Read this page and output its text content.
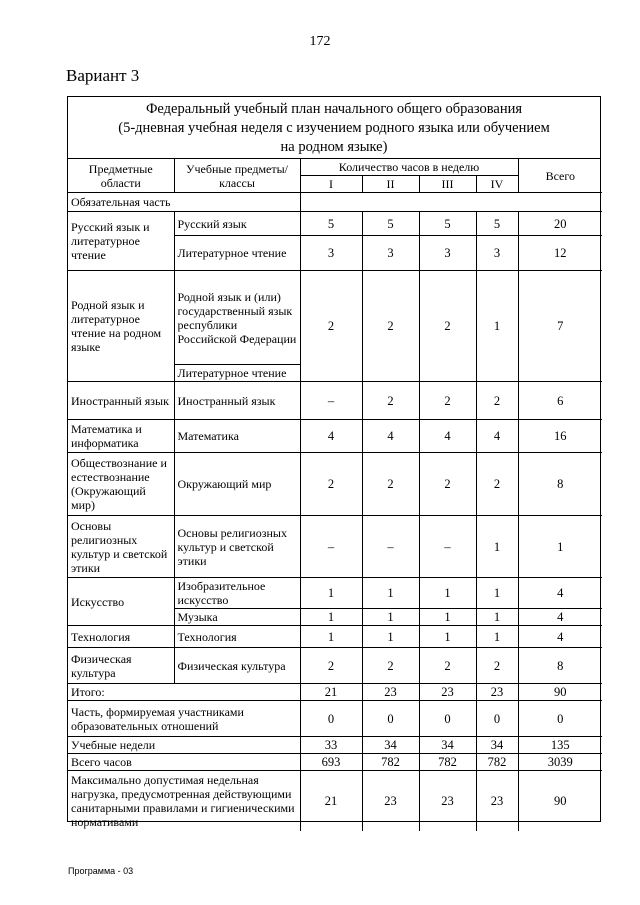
172
Вариант 3
Федеральный учебный план начального общего образования
(5-дневная учебная неделя с изучением родного языка или обучением
на родном языке)
Предметные области	Учебные предметы/ классы	Количество часов в неделю				Всего
		I	II	III	IV	
Обязательная часть						
Русский язык и литературное чтение	Русский язык	5	5	5	5	20
	Литературное чтение	3	3	3	3	12
Родной язык и литературное чтение на родном языке	Родной язык и (или) государственный язык республики Российской Федерации	2	2	2	1	7
	Литературное чтение					
Иностранный язык	Иностранный язык	–	2	2	2	6
Математика и информатика	Математика	4	4	4	4	16
Обществознание и естествознание (Окружающий мир)	Окружающий мир	2	2	2	2	8
Основы религиозных культур и светской этики	Основы религиозных культур и светской этики	–	–	–	1	1
Искусство	Изобразительное искусство	1	1	1	1	4
	Музыка	1	1	1	1	4
Технология	Технология	1	1	1	1	4
Физическая культура	Физическая культура	2	2	2	2	8
Итого:		21	23	23	23	90
Часть, формируемая участниками образовательных отношений		0	0	0	0	0
Учебные недели		33	34	34	34	135
Всего часов		693	782	782	782	3039
Максимально допустимая недельная нагрузка, предусмотренная действующими санитарными правилами и гигиеническими нормативами		21	23	23	23	90
Программа - 03
